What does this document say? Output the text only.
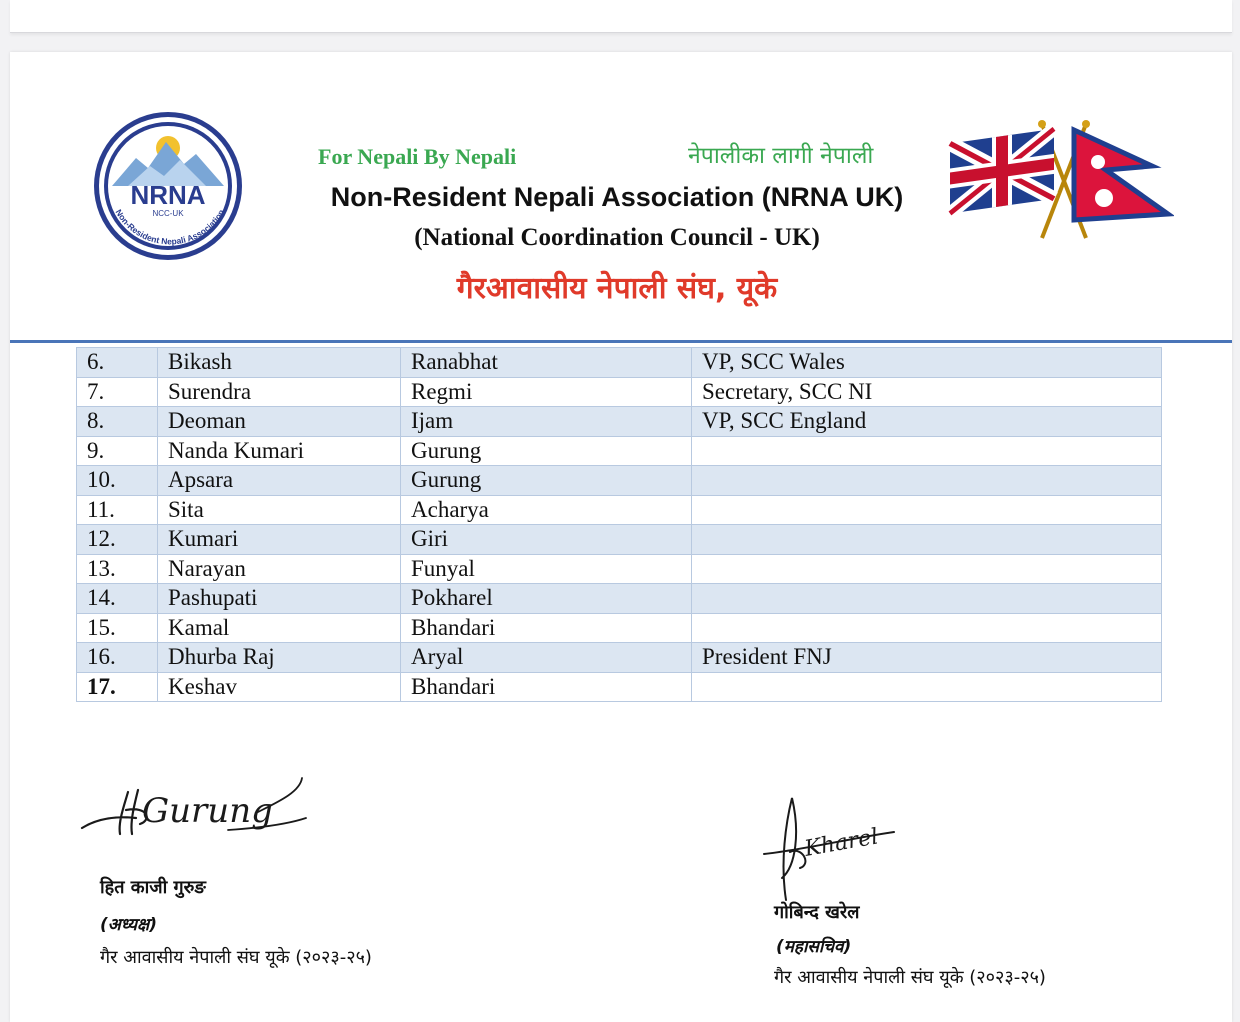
NRNA
NCC-UK
Non-Resident Nepali Association
For Nepali By Nepali	नेपालीका लागी नेपाली
Non-Resident Nepali Association (NRNA UK)
(National Coordination Council - UK)
गैरआवासीय नेपाली संघ, यूके
6.	Bikash	Ranabhat	VP, SCC Wales
7.	Surendra	Regmi	Secretary, SCC NI
8.	Deoman	Ijam	VP, SCC England
9.	Nanda Kumari	Gurung	
10.	Apsara	Gurung	
11.	Sita	Acharya	
12.	Kumari	Giri	
13.	Narayan	Funyal	
14.	Pashupati	Pokharel	
15.	Kamal	Bhandari	
16.	Dhurba Raj	Aryal	President FNJ
17.	Keshav	Bhandari	
Gurung
Kharel
हित काजी गुरुङ
(अध्यक्ष)
गैर आवासीय नेपाली संघ यूके (२०२३-२५)
गोबिन्द खरेल
(महासचिव)
गैर आवासीय नेपाली संघ यूके (२०२३-२५)
